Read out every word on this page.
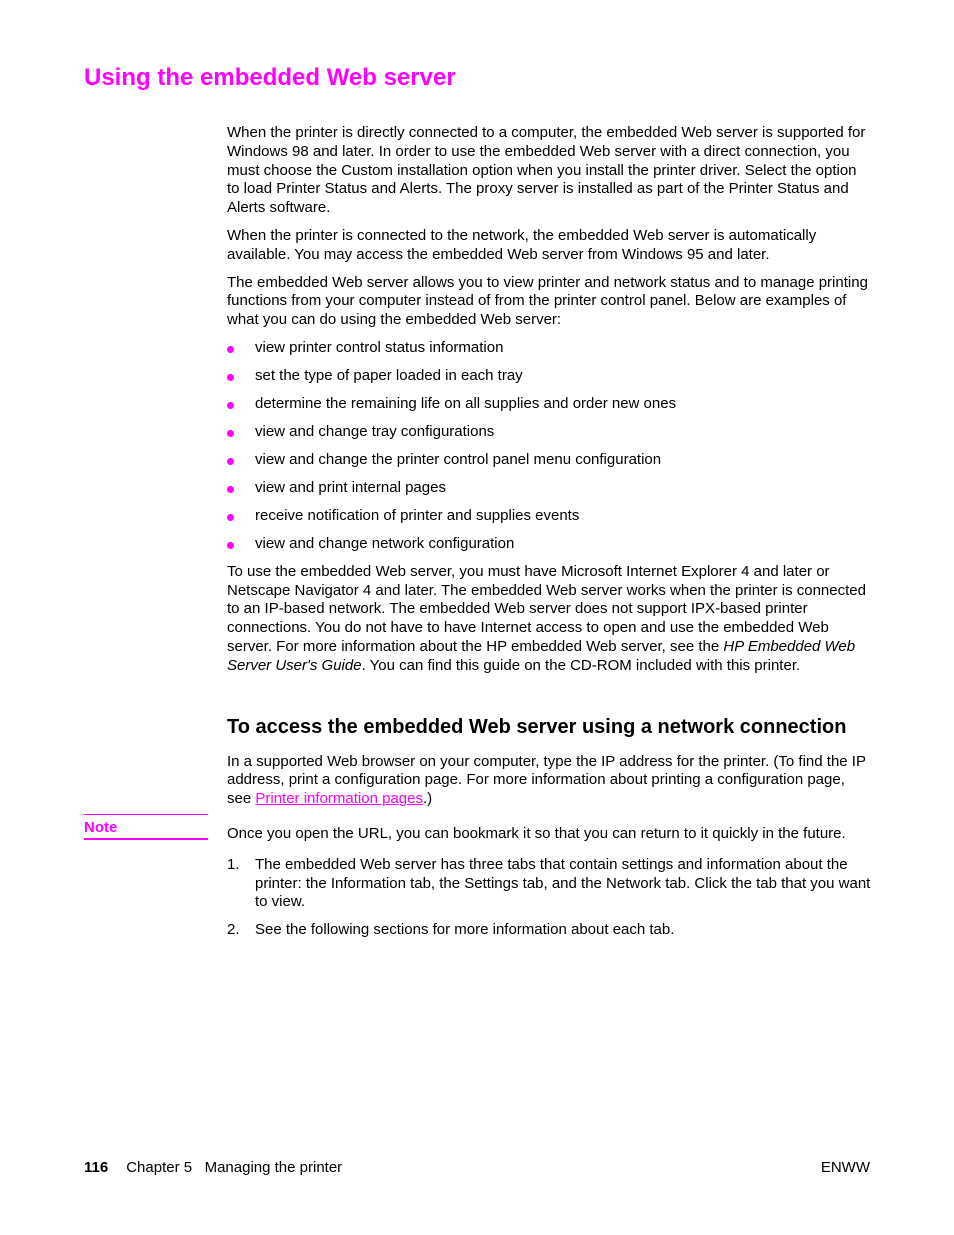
Using the embedded Web server

When the printer is directly connected to a computer, the embedded Web server is supported for Windows 98 and later. In order to use the embedded Web server with a direct connection, you must choose the Custom installation option when you install the printer driver. Select the option to load Printer Status and Alerts. The proxy server is installed as part of the Printer Status and Alerts software.

When the printer is connected to the network, the embedded Web server is automatically available. You may access the embedded Web server from Windows 95 and later.

The embedded Web server allows you to view printer and network status and to manage printing functions from your computer instead of from the printer control panel. Below are examples of what you can do using the embedded Web server:

view printer control status information
set the type of paper loaded in each tray
determine the remaining life on all supplies and order new ones
view and change tray configurations
view and change the printer control panel menu configuration
view and print internal pages
receive notification of printer and supplies events
view and change network configuration

To use the embedded Web server, you must have Microsoft Internet Explorer 4 and later or Netscape Navigator 4 and later. The embedded Web server works when the printer is connected to an IP-based network. The embedded Web server does not support IPX-based printer connections. You do not have to have Internet access to open and use the embedded Web server. For more information about the HP embedded Web server, see the HP Embedded Web Server User's Guide. You can find this guide on the CD-ROM included with this printer.

To access the embedded Web server using a network connection

In a supported Web browser on your computer, type the IP address for the printer. (To find the IP address, print a configuration page. For more information about printing a configuration page, see Printer information pages.)

Note	Once you open the URL, you can bookmark it so that you can return to it quickly in the future.
1. The embedded Web server has three tabs that contain settings and information about the printer: the Information tab, the Settings tab, and the Network tab. Click the tab that you want to view.
2. See the following sections for more information about each tab.
116 Chapter 5   Managing the printer	ENWW
